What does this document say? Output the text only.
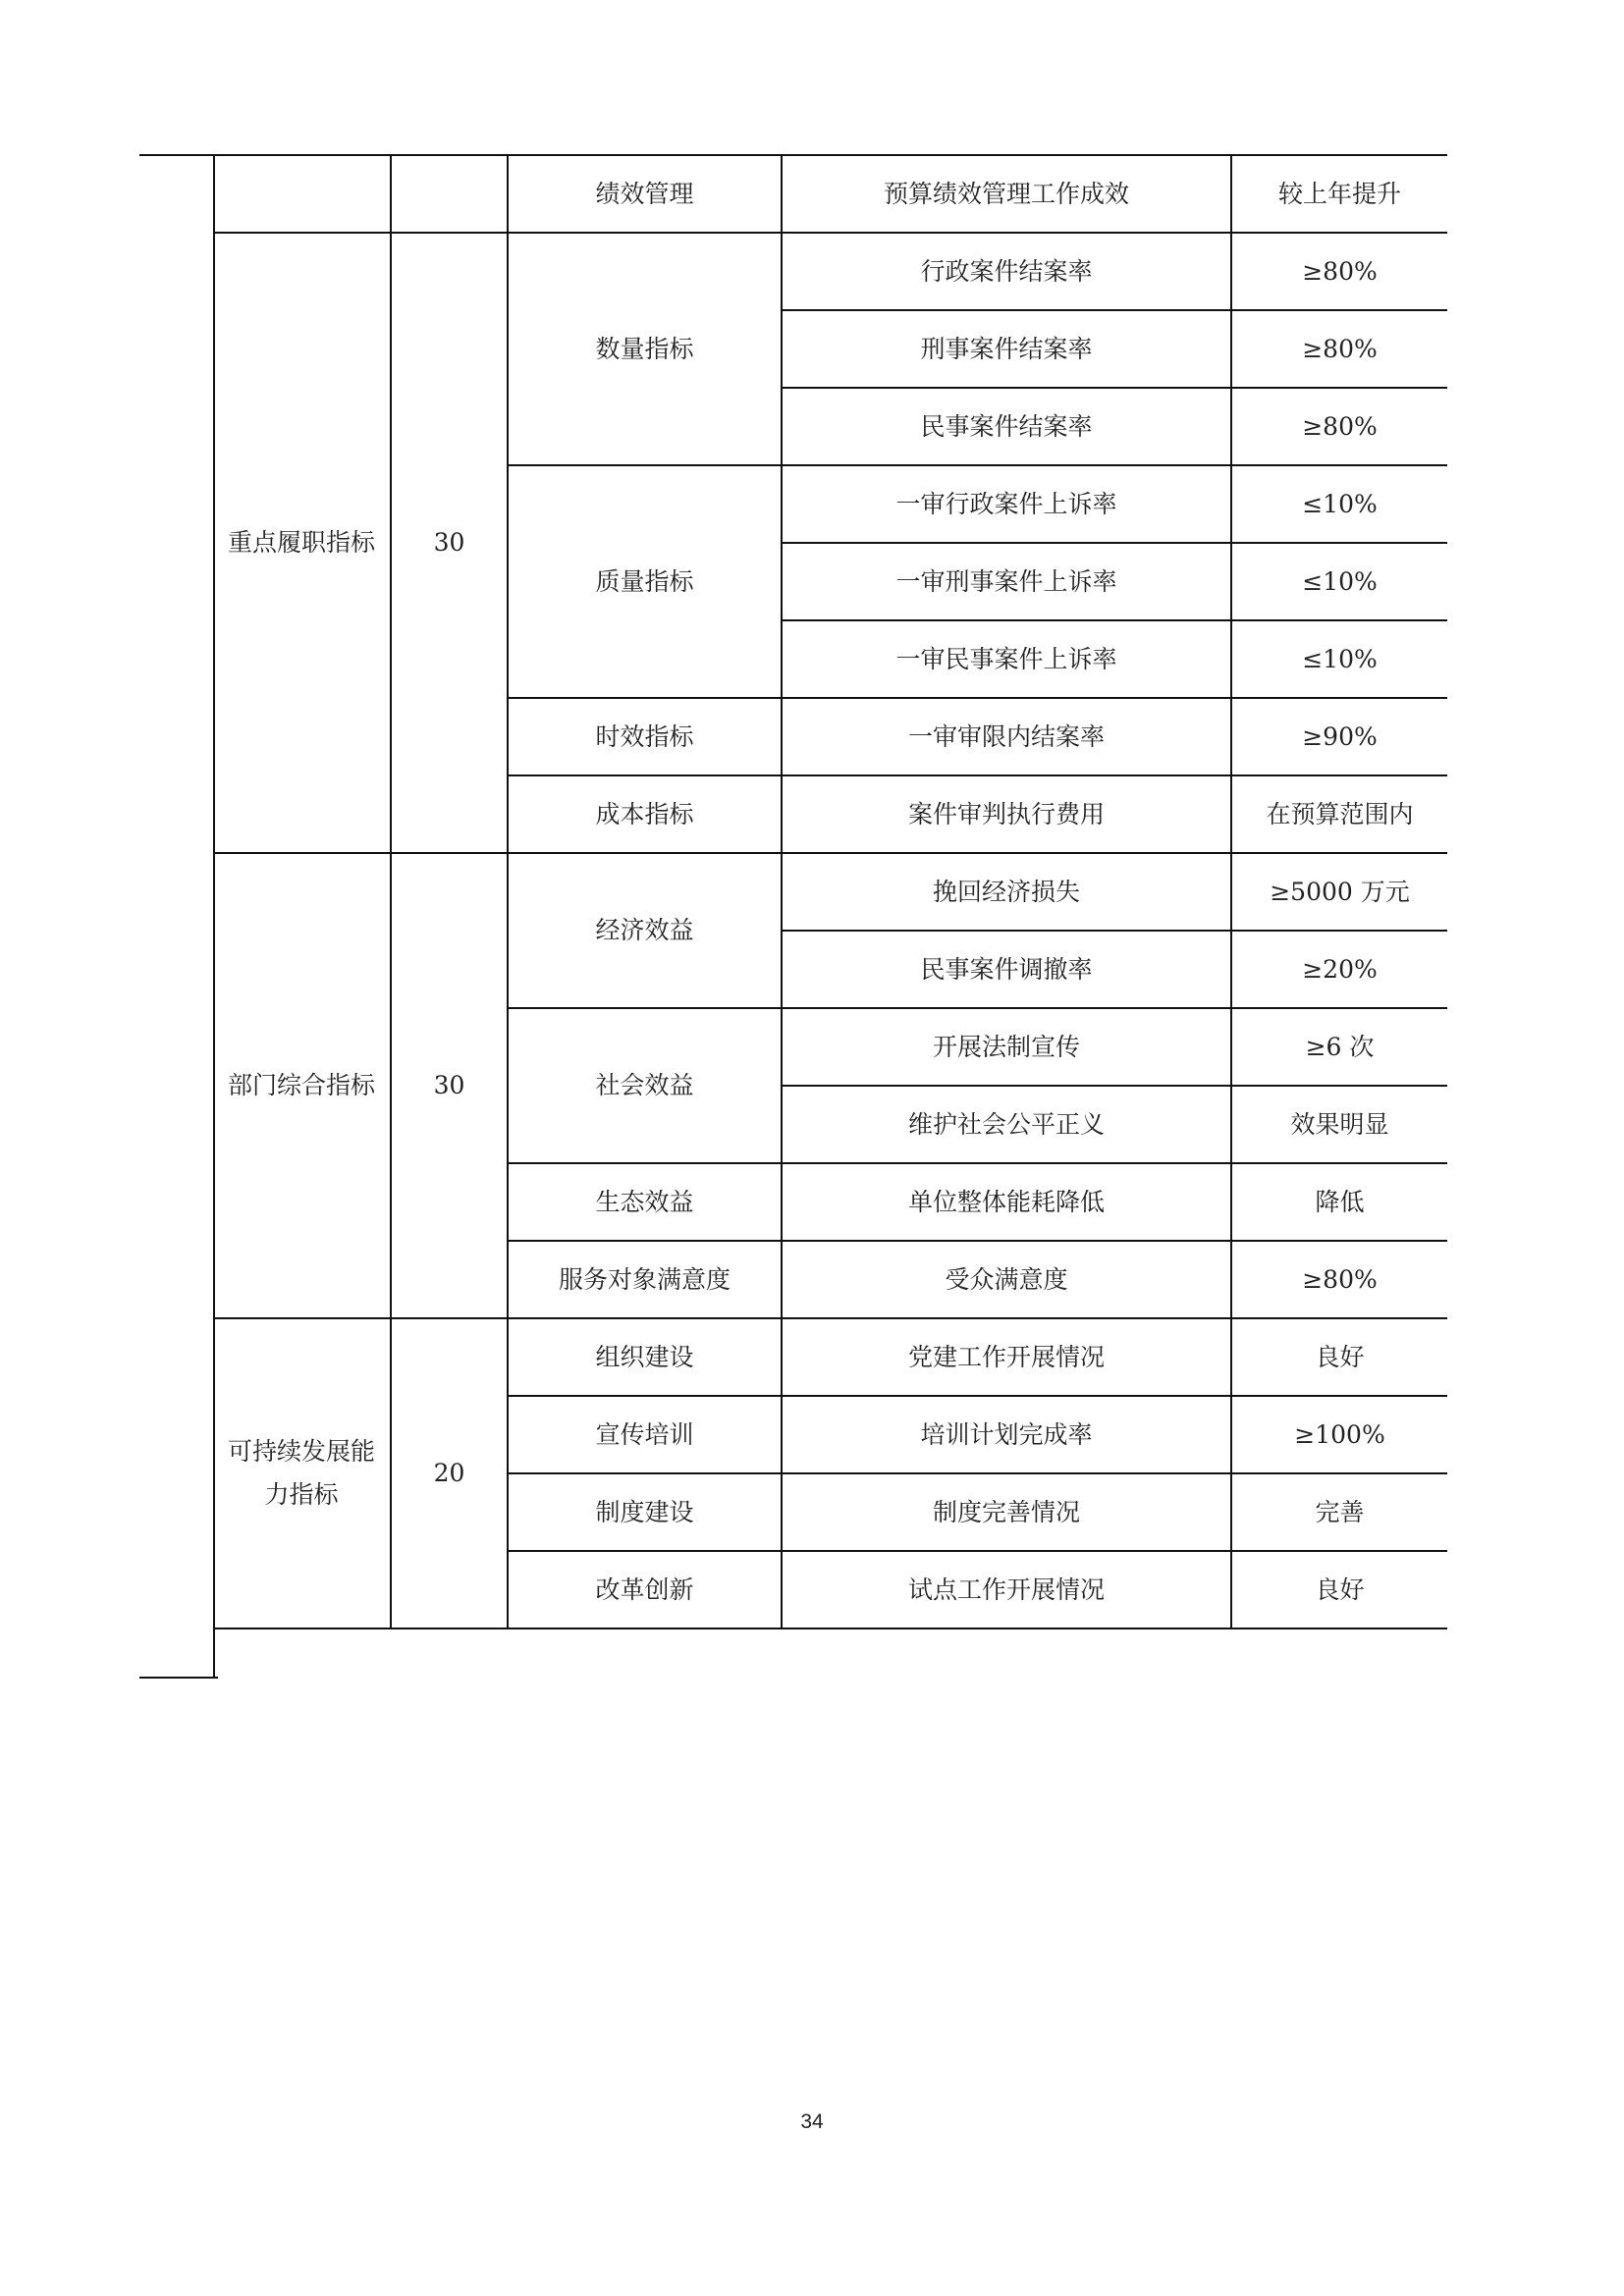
		绩效管理	预算绩效管理工作成效	较上年提升
重点履职指标	30	数量指标	行政案件结案率	≥80%
			刑事案件结案率	≥80%
			民事案件结案率	≥80%
		质量指标	一审行政案件上诉率	≤10%
			一审刑事案件上诉率	≤10%
			一审民事案件上诉率	≤10%
		时效指标	一审审限内结案率	≥90%
		成本指标	案件审判执行费用	在预算范围内
部门综合指标	30	经济效益	挽回经济损失	≥5000 万元
			民事案件调撤率	≥20%
		社会效益	开展法制宣传	≥6 次
			维护社会公平正义	效果明显
		生态效益	单位整体能耗降低	降低
		服务对象满意度	受众满意度	≥80%
可持续发展能力指标	20	组织建设	党建工作开展情况	良好
		宣传培训	培训计划完成率	≥100%
		制度建设	制度完善情况	完善
		改革创新	试点工作开展情况	良好
34
